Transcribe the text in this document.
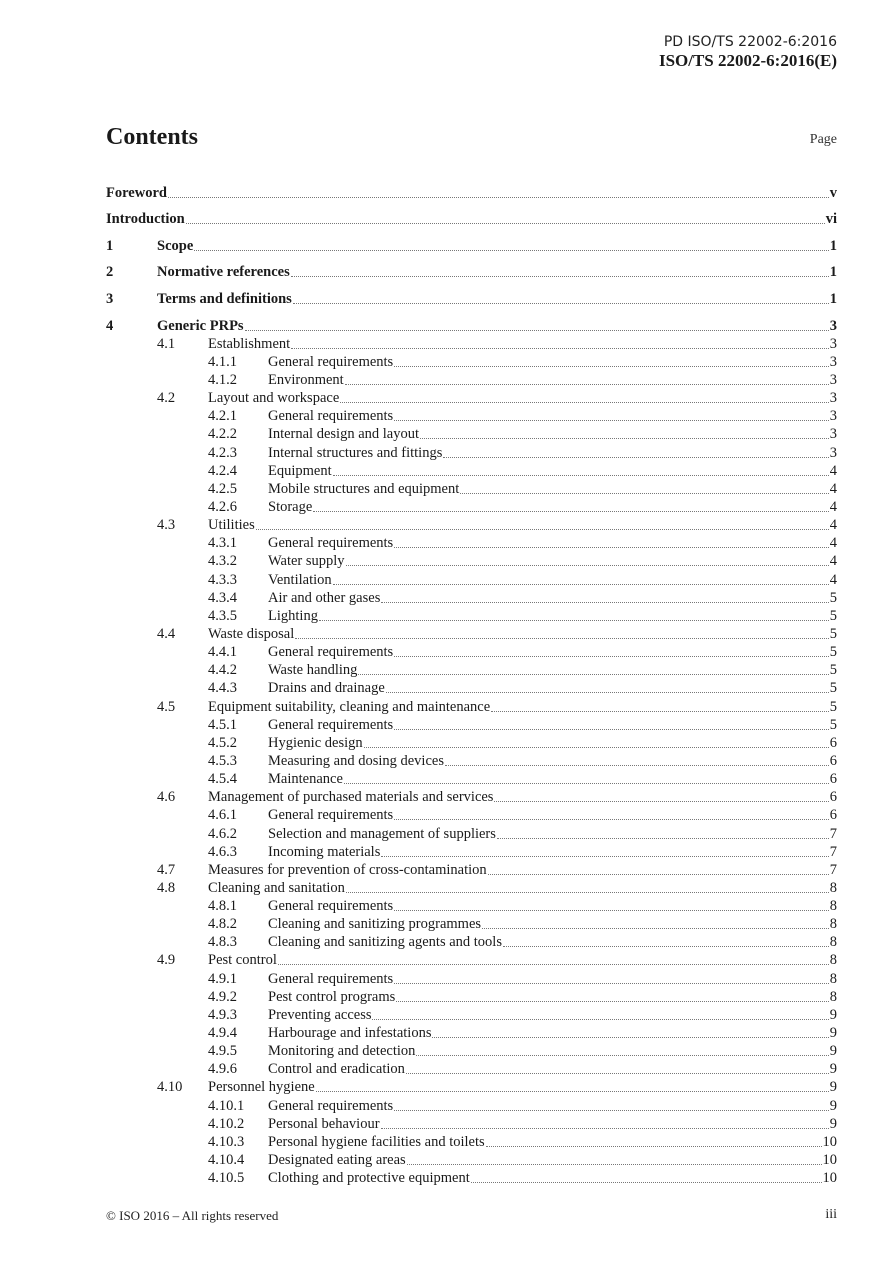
PD ISO/TS 22002-6:2016
ISO/TS 22002-6:2016(E)
Contents	Page
Foreword	v
Introduction	vi
1	Scope	1
2	Normative references	1
3	Terms and definitions	1
4	Generic PRPs	3
4.1 Establishment	3
4.1.1 General requirements	3
4.1.2 Environment	3
4.2 Layout and workspace	3
4.2.1 General requirements	3
4.2.2 Internal design and layout	3
4.2.3 Internal structures and fittings	3
4.2.4 Equipment	4
4.2.5 Mobile structures and equipment	4
4.2.6 Storage	4
4.3 Utilities	4
4.3.1 General requirements	4
4.3.2 Water supply	4
4.3.3 Ventilation	4
4.3.4 Air and other gases	5
4.3.5 Lighting	5
4.4 Waste disposal	5
4.4.1 General requirements	5
4.4.2 Waste handling	5
4.4.3 Drains and drainage	5
4.5 Equipment suitability, cleaning and maintenance	5
4.5.1 General requirements	5
4.5.2 Hygienic design	6
4.5.3 Measuring and dosing devices	6
4.5.4 Maintenance	6
4.6 Management of purchased materials and services	6
4.6.1 General requirements	6
4.6.2 Selection and management of suppliers	7
4.6.3 Incoming materials	7
4.7 Measures for prevention of cross-contamination	7
4.8 Cleaning and sanitation	8
4.8.1 General requirements	8
4.8.2 Cleaning and sanitizing programmes	8
4.8.3 Cleaning and sanitizing agents and tools	8
4.9 Pest control	8
4.9.1 General requirements	8
4.9.2 Pest control programs	8
4.9.3 Preventing access	9
4.9.4 Harbourage and infestations	9
4.9.5 Monitoring and detection	9
4.9.6 Control and eradication	9
4.10 Personnel hygiene	9
4.10.1 General requirements	9
4.10.2 Personal behaviour	9
4.10.3 Personal hygiene facilities and toilets	10
4.10.4 Designated eating areas	10
4.10.5 Clothing and protective equipment	10
© ISO 2016 – All rights reserved	iii
